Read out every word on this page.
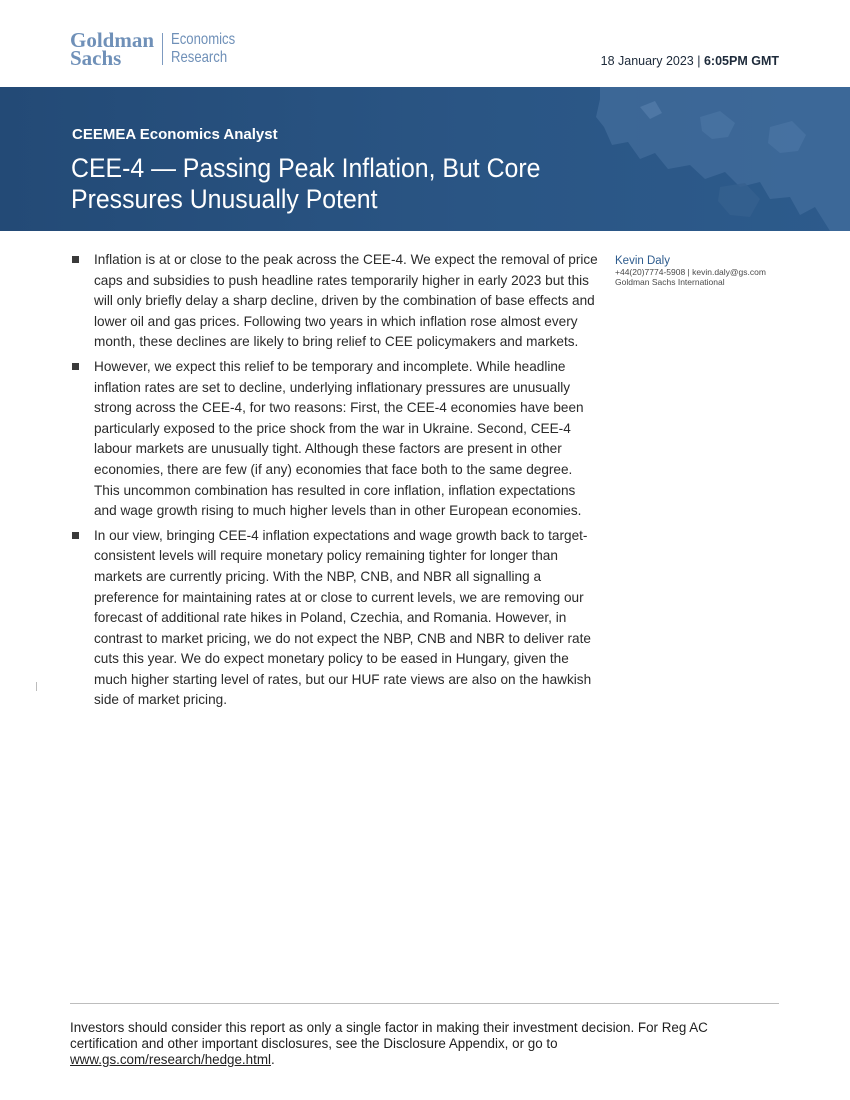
Goldman
Sachs
Economics
Research	18 January 2023 | 6:05PM GMT
CEEMEA Economics Analyst
CEE-4 — Passing Peak Inflation, But Core Pressures Unusually Potent
Inflation is at or close to the peak across the CEE-4. We expect the removal of price caps and subsidies to push headline rates temporarily higher in early 2023 but this will only briefly delay a sharp decline, driven by the combination of base effects and lower oil and gas prices. Following two years in which inflation rose almost every month, these declines are likely to bring relief to CEE policymakers and markets.
However, we expect this relief to be temporary and incomplete. While headline inflation rates are set to decline, underlying inflationary pressures are unusually strong across the CEE-4, for two reasons: First, the CEE-4 economies have been particularly exposed to the price shock from the war in Ukraine. Second, CEE-4 labour markets are unusually tight. Although these factors are present in other economies, there are few (if any) economies that face both to the same degree. This uncommon combination has resulted in core inflation, inflation expectations and wage growth rising to much higher levels than in other European economies.
In our view, bringing CEE-4 inflation expectations and wage growth back to target-consistent levels will require monetary policy remaining tighter for longer than markets are currently pricing. With the NBP, CNB, and NBR all signalling a preference for maintaining rates at or close to current levels, we are removing our forecast of additional rate hikes in Poland, Czechia, and Romania. However, in contrast to market pricing, we do not expect the NBP, CNB and NBR to deliver rate cuts this year. We do expect monetary policy to be eased in Hungary, given the much higher starting level of rates, but our HUF rate views are also on the hawkish side of market pricing.
Kevin Daly
+44(20)7774-5908 | kevin.daly@gs.com
Goldman Sachs International
Investors should consider this report as only a single factor in making their investment decision. For Reg AC certification and other important disclosures, see the Disclosure Appendix, or go to
www.gs.com/research/hedge.html.
